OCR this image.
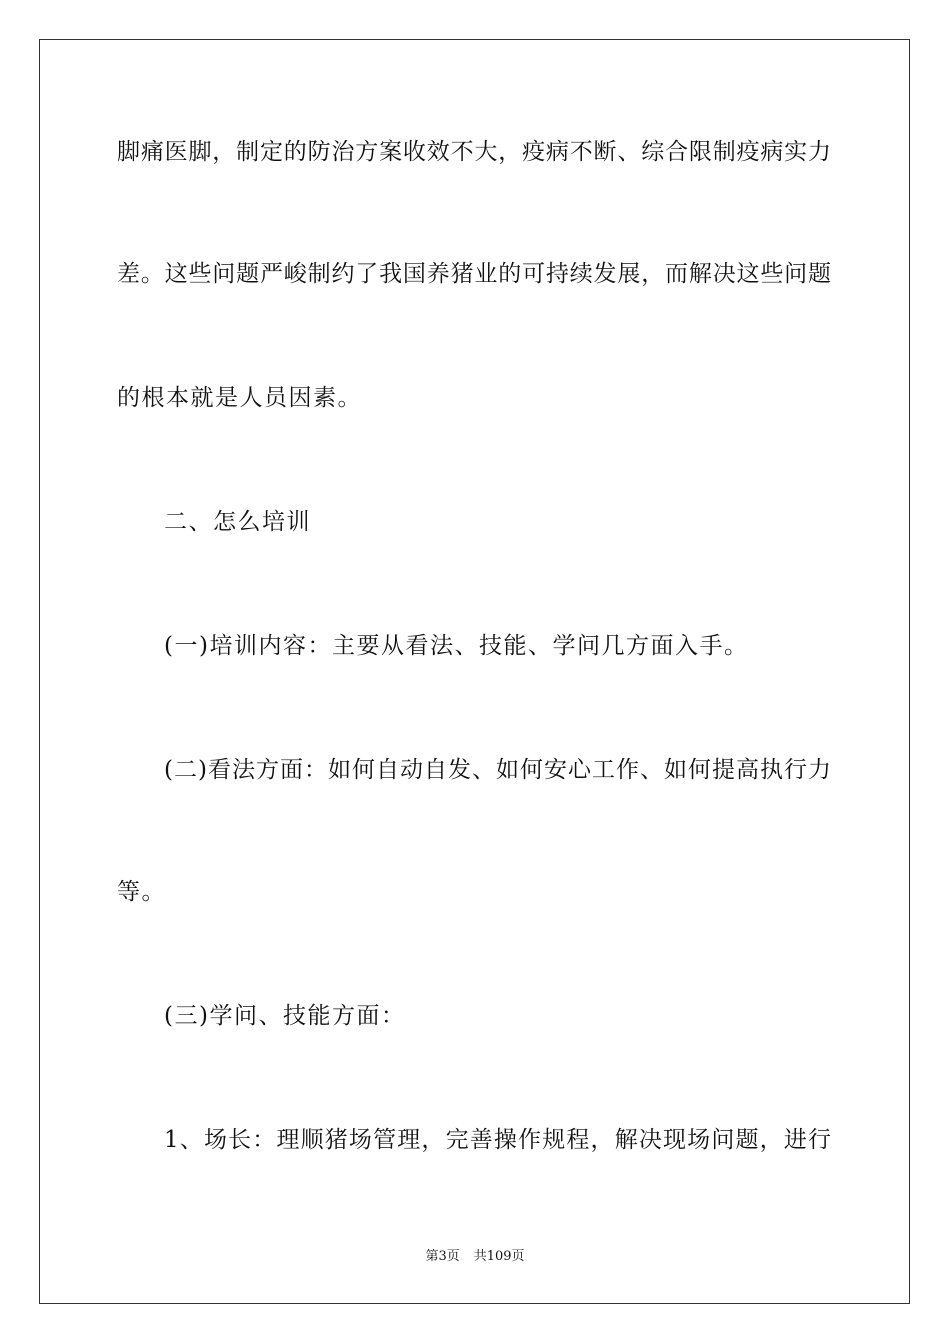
脚痛医脚，制定的防治方案收效不大，疫病不断、综合限制疫病实力
差。这些问题严峻制约了我国养猪业的可持续发展，而解决这些问题
的根本就是人员因素。
二、怎么培训
(一)培训内容：主要从看法、技能、学问几方面入手。
(二)看法方面：如何自动自发、如何安心工作、如何提高执行力
等。
(三)学问、技能方面：
1、场长：理顺猪场管理，完善操作规程，解决现场问题，进行
第3页 共109页
